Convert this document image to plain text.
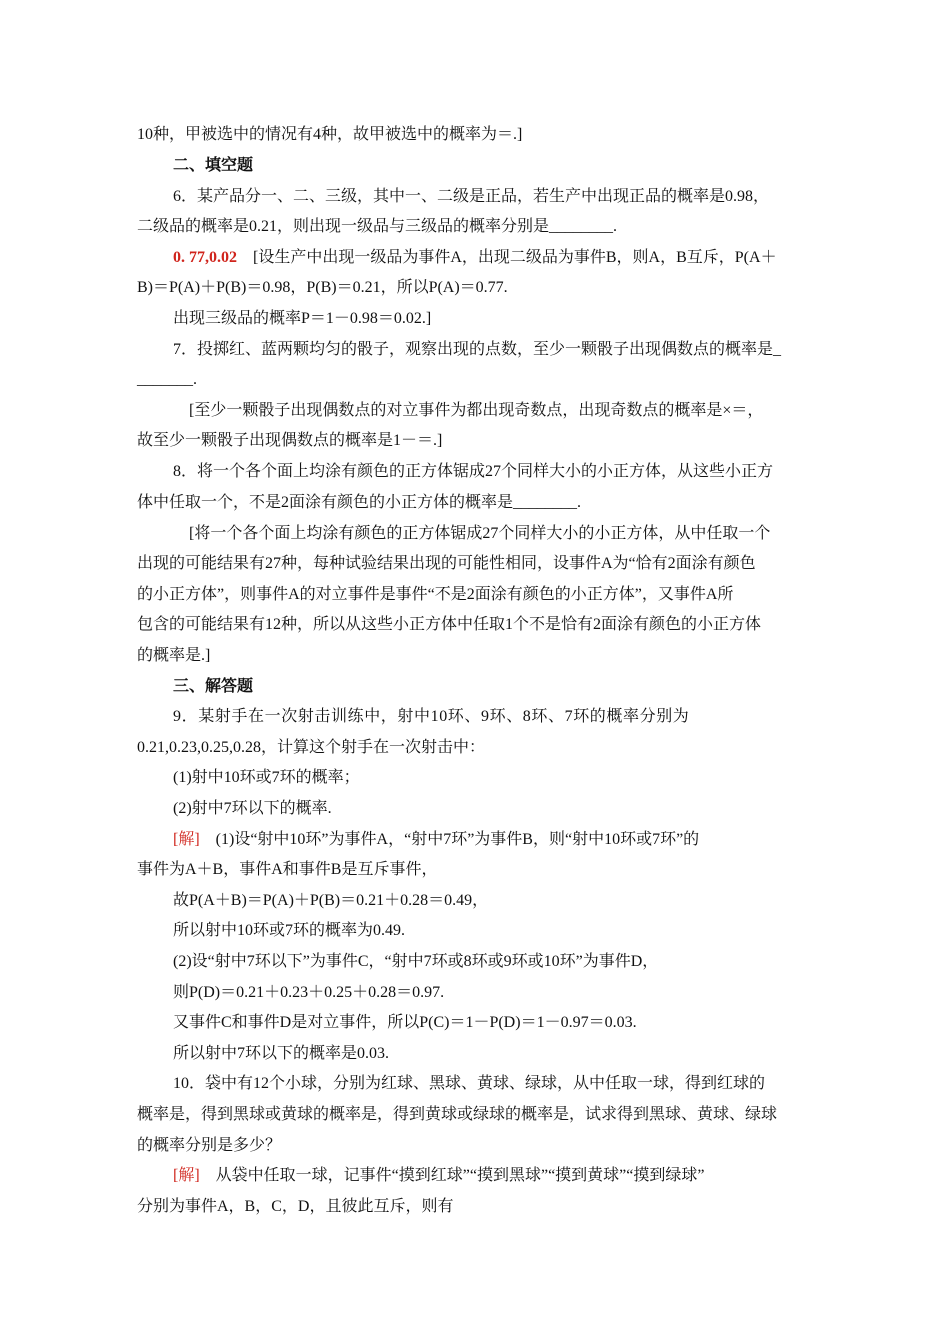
10种，甲被选中的情况有4种，故甲被选中的概率为＝.]
二、填空题
6．某产品分一、二、三级，其中一、二级是正品，若生产中出现正品的概率是0.98，
二级品的概率是0.21，则出现一级品与三级品的概率分别是________.
0. 77,0.02 [设生产中出现一级品为事件A，出现二级品为事件B，则A，B互斥，P(A＋
B)＝P(A)＋P(B)＝0.98，P(B)＝0.21，所以P(A)＝0.77.
出现三级品的概率P＝1－0.98＝0.02.]
7．投掷红、蓝两颗均匀的骰子，观察出现的点数，至少一颗骰子出现偶数点的概率是_
_______.
[至少一颗骰子出现偶数点的对立事件为都出现奇数点，出现奇数点的概率是×＝，
故至少一颗骰子出现偶数点的概率是1－＝.]
8．将一个各个面上均涂有颜色的正方体锯成27个同样大小的小正方体，从这些小正方
体中任取一个，不是2面涂有颜色的小正方体的概率是________.
[将一个各个面上均涂有颜色的正方体锯成27个同样大小的小正方体，从中任取一个
出现的可能结果有27种，每种试验结果出现的可能性相同，设事件A为“恰有2面涂有颜色
的小正方体”，则事件A的对立事件是事件“不是2面涂有颜色的小正方体”，又事件A所
包含的可能结果有12种，所以从这些小正方体中任取1个不是恰有2面涂有颜色的小正方体
的概率是.]
三、解答题
9．某射手在一次射击训练中，射中10环、9环、8环、7环的概率分别为
0.21,0.23,0.25,0.28，计算这个射手在一次射击中：
(1)射中10环或7环的概率；
(2)射中7环以下的概率.
[解] (1)设“射中10环”为事件A，“射中7环”为事件B，则“射中10环或7环”的
事件为A＋B，事件A和事件B是互斥事件，
故P(A＋B)＝P(A)＋P(B)＝0.21＋0.28＝0.49，
所以射中10环或7环的概率为0.49.
(2)设“射中7环以下”为事件C，“射中7环或8环或9环或10环”为事件D，
则P(D)＝0.21＋0.23＋0.25＋0.28＝0.97.
又事件C和事件D是对立事件，所以P(C)＝1－P(D)＝1－0.97＝0.03.
所以射中7环以下的概率是0.03.
10．袋中有12个小球，分别为红球、黑球、黄球、绿球，从中任取一球，得到红球的
概率是，得到黑球或黄球的概率是，得到黄球或绿球的概率是，试求得到黑球、黄球、绿球
的概率分别是多少？
[解] 从袋中任取一球，记事件“摸到红球”“摸到黑球”“摸到黄球”“摸到绿球”
分别为事件A，B，C，D，且彼此互斥，则有
